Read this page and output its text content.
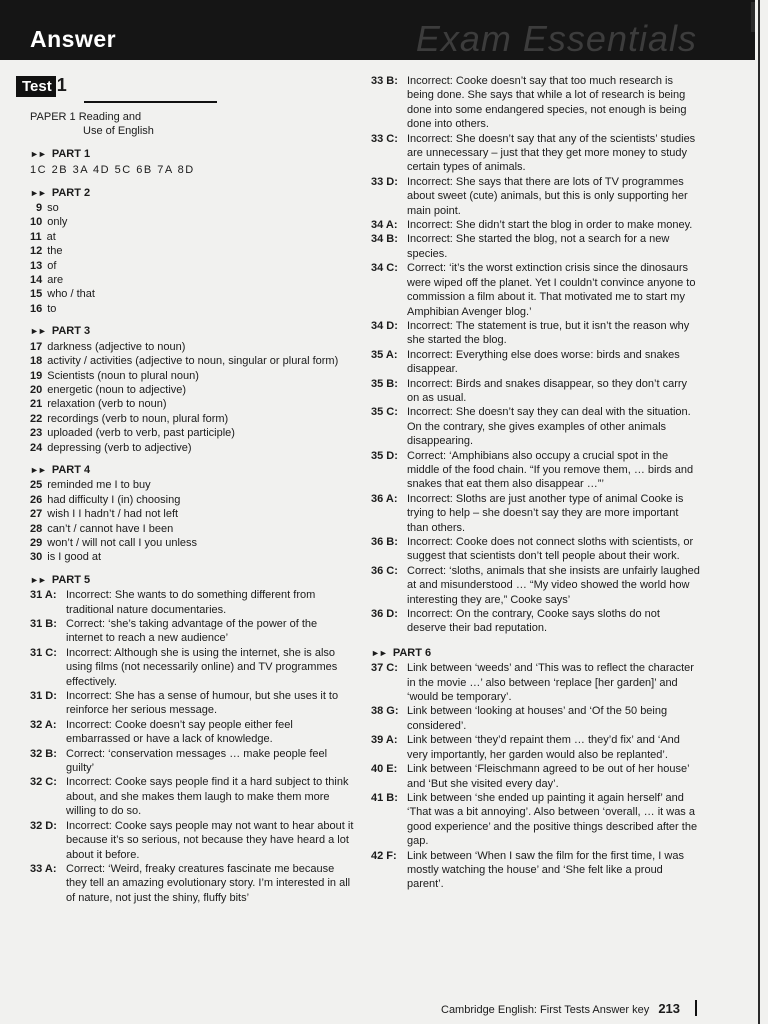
Answer	Exam Essentials
Test 1
PAPER 1 Reading and
Use of English
►► PART 1
1C 2B 3A 4D 5C 6B 7A 8D
►► PART 2
9 so
10 only
11 at
12 the
13 of
14 are
15 who / that
16 to
►► PART 3
17 darkness (adjective to noun)
18 activity / activities (adjective to noun, singular or plural form)
19 Scientists (noun to plural noun)
20 energetic (noun to adjective)
21 relaxation (verb to noun)
22 recordings (verb to noun, plural form)
23 uploaded (verb to verb, past participle)
24 depressing (verb to adjective)
►► PART 4
25 reminded me I to buy
26 had difficulty I (in) choosing
27 wish I I hadn’t / had not left
28 can’t / cannot have I been
29 won’t / will not call I you unless
30 is I good at
►► PART 5
31 A: Incorrect: She wants to do something different from traditional nature documentaries.
31 B: Correct: ‘she’s taking advantage of the power of the internet to reach a new audience’
31 C: Incorrect: Although she is using the internet, she is also using films (not necessarily online) and TV programmes effectively.
31 D: Incorrect: She has a sense of humour, but she uses it to reinforce her serious message.
32 A: Incorrect: Cooke doesn’t say people either feel embarrassed or have a lack of knowledge.
32 B: Correct: ‘conservation messages … make people feel guilty’
32 C: Incorrect: Cooke says people find it a hard subject to think about, and she makes them laugh to make them more willing to do so.
32 D: Incorrect: Cooke says people may not want to hear about it because it’s so serious, not because they have heard a lot about it before.
33 A: Correct: ‘Weird, freaky creatures fascinate me because they tell an amazing evolutionary story. I’m interested in all of nature, not just the shiny, fluffy bits’
33 B: Incorrect: Cooke doesn’t say that too much research is being done. She says that while a lot of research is being done into some endangered species, not enough is being done into others.
33 C: Incorrect: She doesn’t say that any of the scientists’ studies are unnecessary – just that they get more money to study certain types of animals.
33 D: Incorrect: She says that there are lots of TV programmes about sweet (cute) animals, but this is only supporting her main point.
34 A: Incorrect: She didn’t start the blog in order to make money.
34 B: Incorrect: She started the blog, not a search for a new species.
34 C: Correct: ‘it’s the worst extinction crisis since the dinosaurs were wiped off the planet. Yet I couldn’t convince anyone to commission a film about it. That motivated me to start my Amphibian Avenger blog.’
34 D: Incorrect: The statement is true, but it isn’t the reason why she started the blog.
35 A: Incorrect: Everything else does worse: birds and snakes disappear.
35 B: Incorrect: Birds and snakes disappear, so they don’t carry on as usual.
35 C: Incorrect: She doesn’t say they can deal with the situation. On the contrary, she gives examples of other animals disappearing.
35 D: Correct: ‘Amphibians also occupy a crucial spot in the middle of the food chain. “If you remove them, … birds and snakes that eat them also disappear …”’
36 A: Incorrect: Sloths are just another type of animal Cooke is trying to help – she doesn’t say they are more important than others.
36 B: Incorrect: Cooke does not connect sloths with scientists, or suggest that scientists don’t tell people about their work.
36 C: Correct: ‘sloths, animals that she insists are unfairly laughed at and misunderstood … “My video showed the world how interesting they are,” Cooke says’
36 D: Incorrect: On the contrary, Cooke says sloths do not deserve their bad reputation.
►► PART 6
37 C: Link between ‘weeds’ and ‘This was to reflect the character in the movie …’ also between ‘replace [her garden]’ and ‘would be temporary’.
38 G: Link between ‘looking at houses’ and ‘Of the 50 being considered’.
39 A: Link between ‘they’d repaint them … they’d fix’ and ‘And very importantly, her garden would also be replanted’.
40 E: Link between ‘Fleischmann agreed to be out of her house’ and ‘But she visited every day’.
41 B: Link between ‘she ended up painting it again herself’ and ‘That was a bit annoying’. Also between ‘overall, … it was a good experience’ and the positive things described after the gap.
42 F: Link between ‘When I saw the film for the first time, I was mostly watching the house’ and ‘She felt like a proud parent’.
Cambridge English: First Tests Answer key 213
